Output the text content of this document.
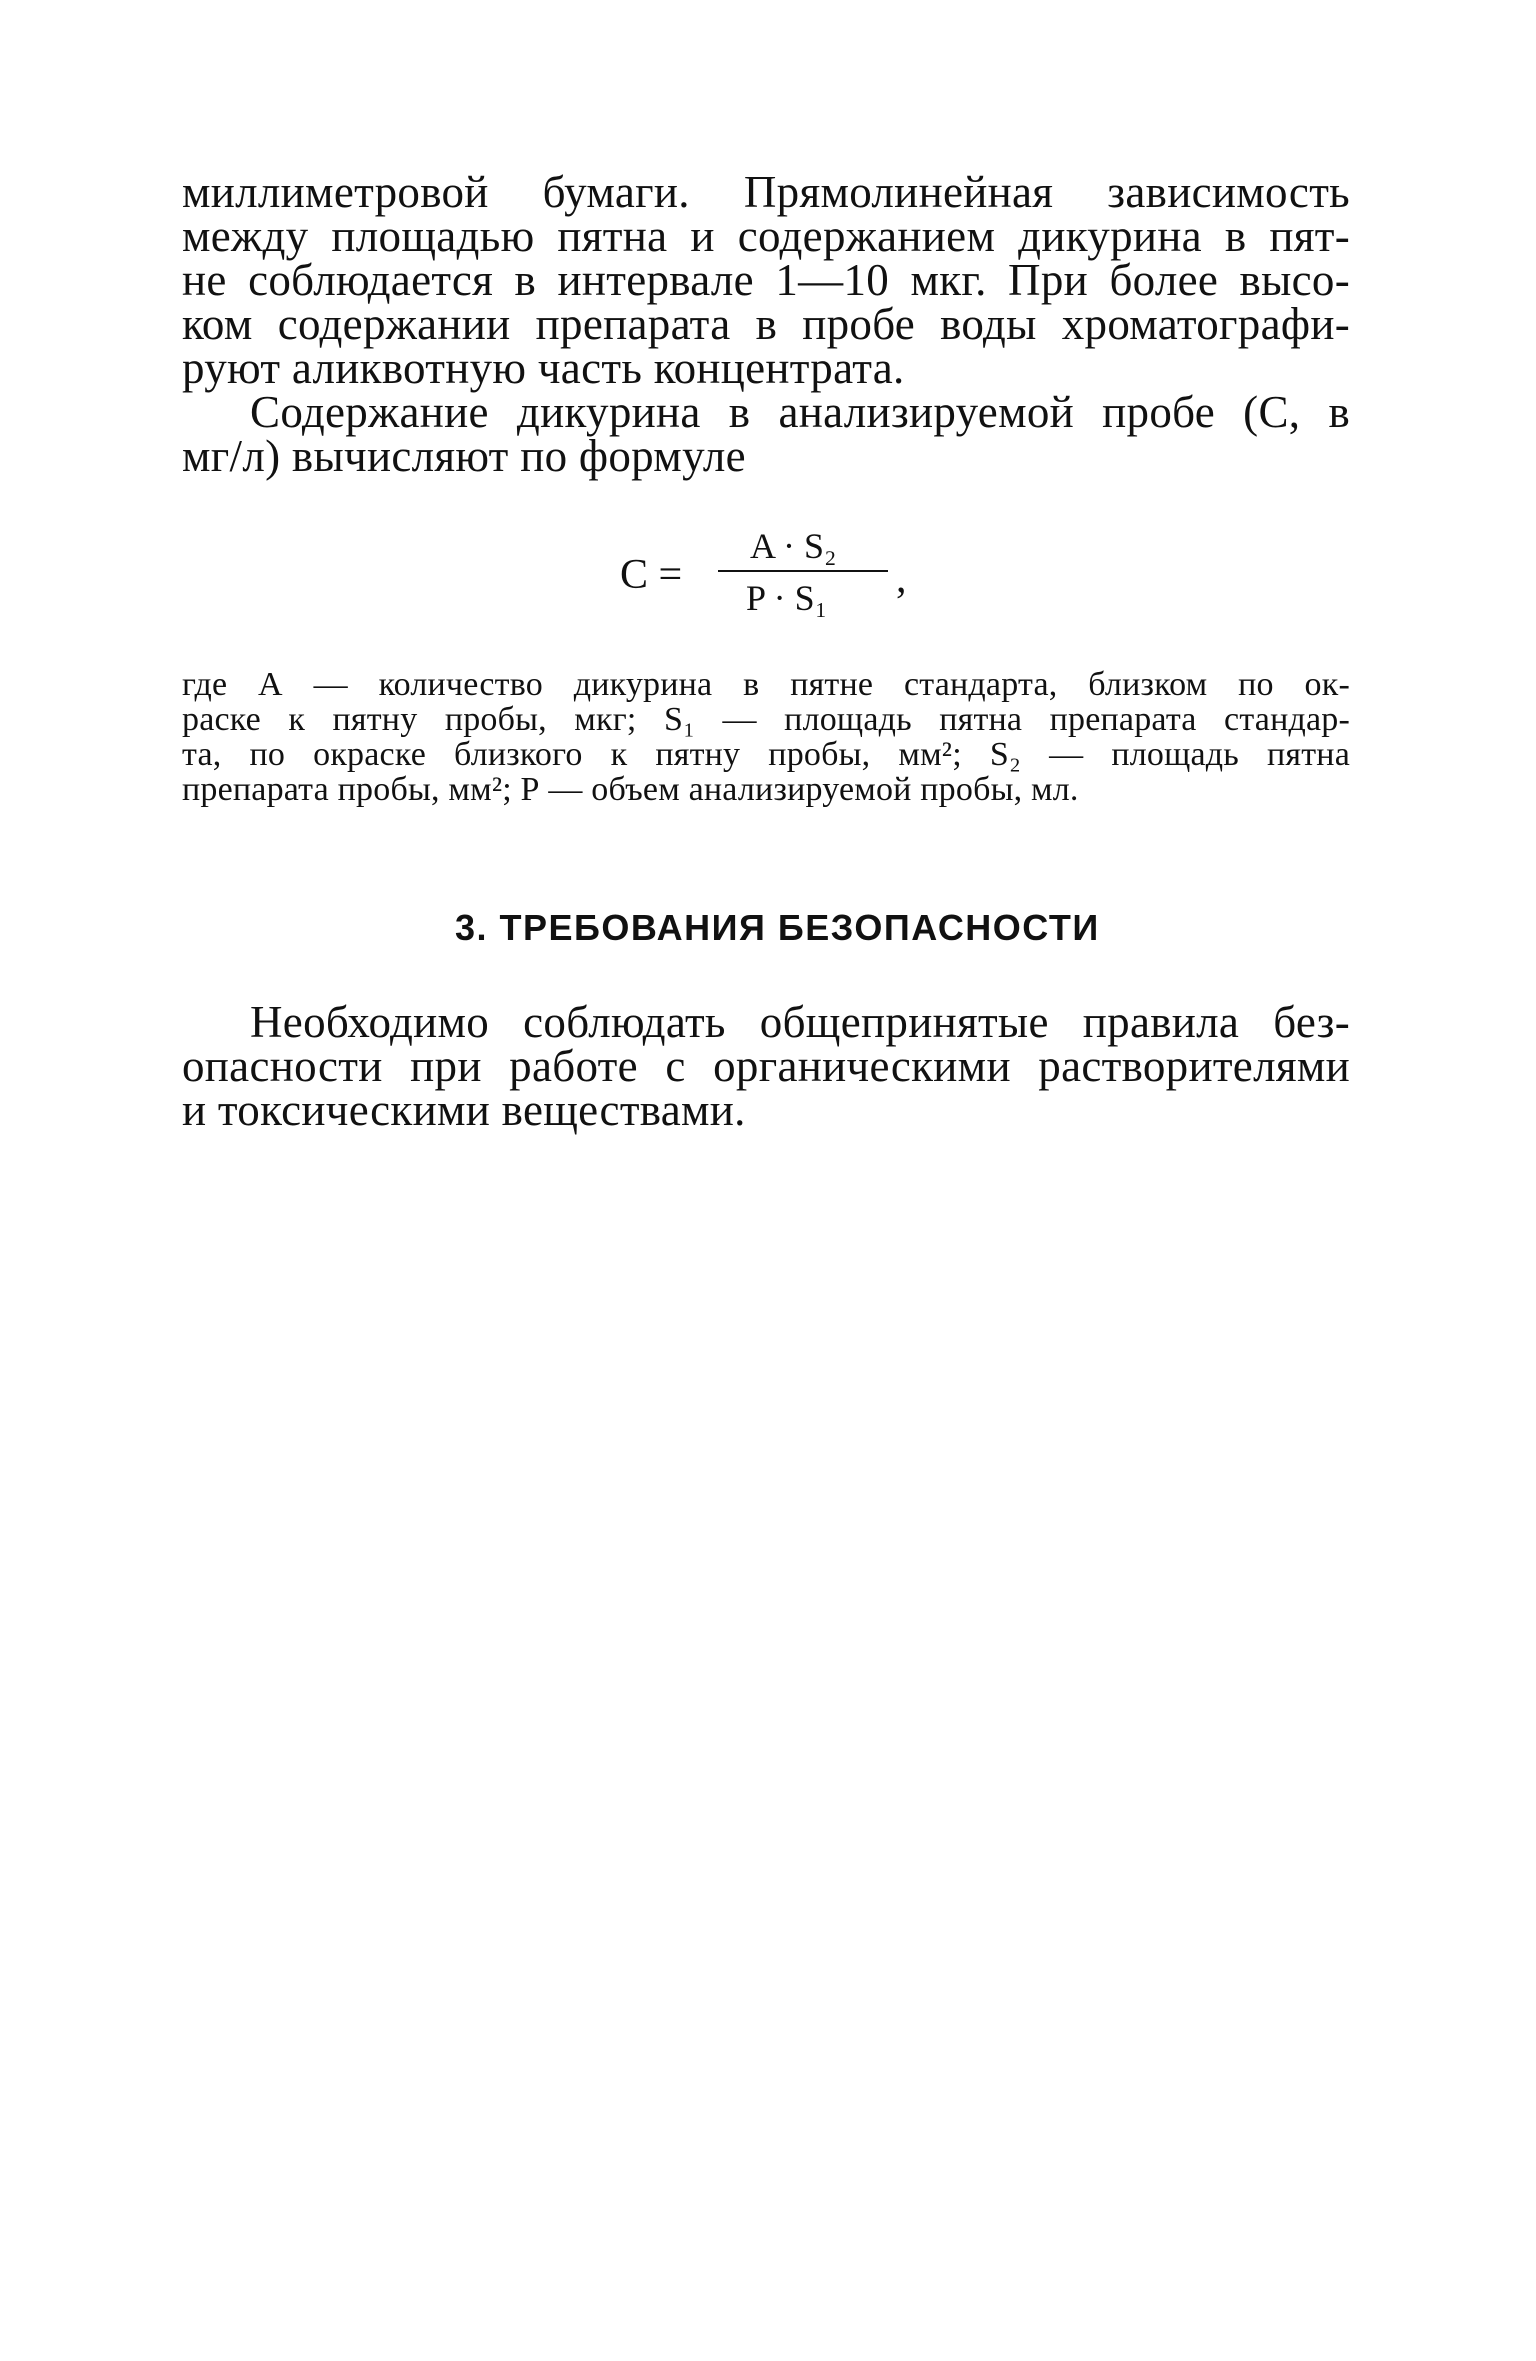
миллиметровой бумаги. Прямолинейная зависимость
между площадью пятна и содержанием дикурина в пят-
не соблюдается в интервале 1—10 мкг. При более высо-
ком содержании препарата в пробе воды хроматографи-
руют аликвотную часть концентрата.
Содержание дикурина в анализируемой пробе (С, в
мг/л) вычисляют по формуле
С =
A · S₂
P · S₁ ,
где А — количество дикурина в пятне стандарта, близком по ок-
раске к пятну пробы, мкг; S₁ — площадь пятна препарата стандар-
та, по окраске близкого к пятну пробы, мм²; S₂ — площадь пятна
препарата пробы, мм²; Р — объем анализируемой пробы, мл.
3. ТРЕБОВАНИЯ БЕЗОПАСНОСТИ
Необходимо соблюдать общепринятые правила без-
опасности при работе с органическими растворителями
и токсическими веществами.
